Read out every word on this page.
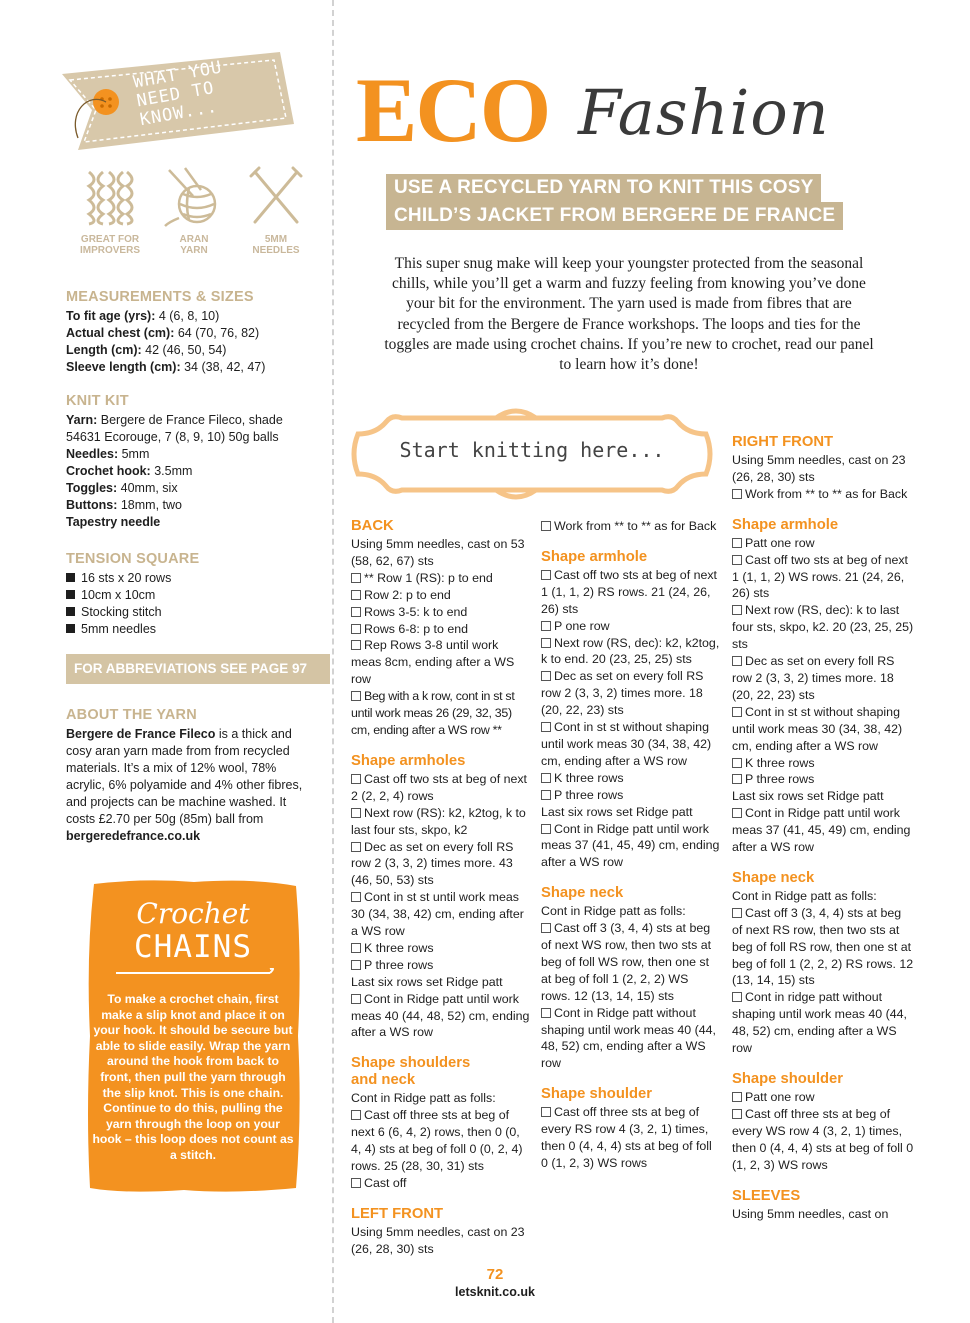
WHAT YOU NEED TO KNOW...
GREAT FOR
IMPROVERS
ARAN
YARN
5MM
NEEDLES
MEASUREMENTS & SIZES
To fit age (yrs): 4 (6, 8, 10)
Actual chest (cm): 64 (70, 76, 82)
Length (cm): 42 (46, 50, 54)
Sleeve length (cm): 34 (38, 42, 47)
KNIT KIT
Yarn: Bergere de France Fileco, shade 54631 Ecorouge, 7 (8, 9, 10) 50g balls
Needles: 5mm
Crochet hook: 3.5mm
Toggles: 40mm, six
Buttons: 18mm, two
Tapestry needle
TENSION SQUARE
16 sts x 20 rows
10cm x 10cm
Stocking stitch
5mm needles
FOR ABBREVIATIONS SEE PAGE 97
ABOUT THE YARN
Bergere de France Fileco is a thick and cosy aran yarn made from from recycled materials. It’s a mix of 12% wool, 78% acrylic, 6% polyamide and 4% other fibres, and projects can be machine washed. It costs £2.70 per 50g (85m) ball from bergeredefrance.co.uk
Crochet
CHAINS
To make a crochet chain, first make a slip knot and place it on your hook. It should be secure but able to slide easily. Wrap the yarn around the hook from back to front, then pull the yarn through the slip knot. This is one chain. Continue to do this, pulling the yarn through the loop on your hook – this loop does not count as a stitch.
ECO Fashion
USE A RECYCLED YARN TO KNIT THIS COSY
CHILD’S JACKET FROM BERGERE DE FRANCE
This super snug make will keep your youngster protected from the seasonal chills, while you’ll get a warm and fuzzy feeling from knowing you’ve done your bit for the environment. The yarn used is made from fibres that are recycled from the Bergere de France workshops. The loops and ties for the toggles are made using crochet chains. If you’re new to crochet, read our panel to learn how it’s done!
Start knitting here...
BACK

Using 5mm needles, cast on 53 (58, 62, 67) sts

** Row 1 (RS): p to end

Row 2: p to end

Rows 3-5: k to end

Rows 6-8: p to end

Rep Rows 3-8 until work meas 8cm, ending after a WS row

Beg with a k row, cont in st st until work meas 26 (29, 32, 35) cm, ending after a WS row **

Shape armholes

Cast off two sts at beg of next 2 (2, 2, 4) rows

Next row (RS): k2, k2tog, k to last four sts, skpo, k2

Dec as set on every foll RS row 2 (3, 3, 2) times more. 43 (46, 50, 53) sts

Cont in st st until work meas 30 (34, 38, 42) cm, ending after a WS row

K three rows

P three rows

Last six rows set Ridge patt

Cont in Ridge patt until work meas 40 (44, 48, 52) cm, ending after a WS row

Shape shoulders and neck

Cont in Ridge patt as folls:

Cast off three sts at beg of next 6 (6, 4, 2) rows, then 0 (0, 4, 4) sts at beg of foll 0 (0, 2, 4) rows. 25 (28, 30, 31) sts

Cast off

LEFT FRONT

Using 5mm needles, cast on 23 (26, 28, 30) sts

Work from ** to ** as for Back

Shape armhole

Cast off two sts at beg of next 1 (1, 1, 2) RS rows. 21 (24, 26, 26) sts

P one row

Next row (RS, dec): k2, k2tog, k to end. 20 (23, 25, 25) sts

Dec as set on every foll RS row 2 (3, 3, 2) times more. 18 (20, 22, 23) sts

Cont in st st without shaping until work meas 30 (34, 38, 42) cm, ending after a WS row

K three rows

P three rows

Last six rows set Ridge patt

Cont in Ridge patt until work meas 37 (41, 45, 49) cm, ending after a WS row

Shape neck

Cont in Ridge patt as folls:

Cast off 3 (3, 4, 4) sts at beg of next WS row, then two sts at beg of foll WS row, then one st at beg of foll 1 (2, 2, 2) WS rows. 12 (13, 14, 15) sts

Cont in Ridge patt without shaping until work meas 40 (44, 48, 52) cm, ending after a WS row

Shape shoulder

Cast off three sts at beg of every RS row 4 (3, 2, 1) times, then 0 (4, 4, 4) sts at beg of foll 0 (1, 2, 3) WS rows

RIGHT FRONT

Using 5mm needles, cast on 23 (26, 28, 30) sts

Work from ** to ** as for Back

Shape armhole

Patt one row

Cast off two sts at beg of next 1 (1, 1, 2) WS rows. 21 (24, 26, 26) sts

Next row (RS, dec): k to last four sts, skpo, k2. 20 (23, 25, 25) sts

Dec as set on every foll RS row 2 (3, 3, 2) times more. 18 (20, 22, 23) sts

Cont in st st without shaping until work meas 30 (34, 38, 42) cm, ending after a WS row

K three rows

P three rows

Last six rows set Ridge patt

Cont in Ridge patt until work meas 37 (41, 45, 49) cm, ending after a WS row

Shape neck

Cont in Ridge patt as folls:

Cast off 3 (3, 4, 4) sts at beg of next RS row, then two sts at beg of foll RS row, then one st at beg of foll 1 (2, 2, 2) RS rows. 12 (13, 14, 15) sts

Cont in ridge patt without shaping until work meas 40 (44, 48, 52) cm, ending after a WS row

Shape shoulder

Patt one row

Cast off three sts at beg of every WS row 4 (3, 2, 1) times, then 0 (4, 4, 4) sts at beg of foll 0 (1, 2, 3) WS rows

SLEEVES

Using 5mm needles, cast on

72
letsknit.co.uk
